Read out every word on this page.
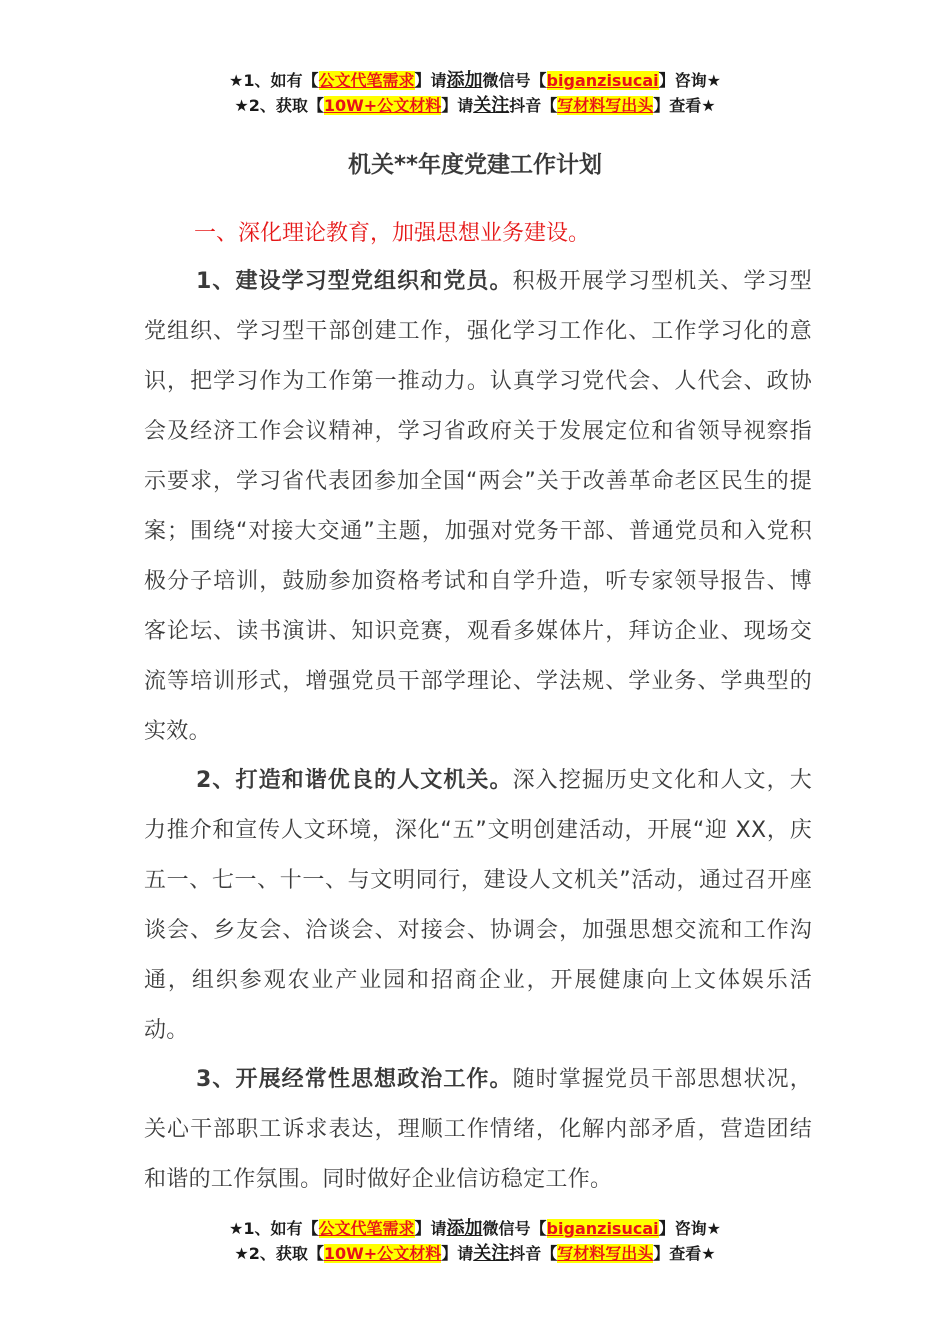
★1、如有【公文代笔需求】请添加微信号【biganzisucai】咨询★
★2、获取【10W+公文材料】请关注抖音【写材料写出头】查看★
机关**年度党建工作计划
一、深化理论教育，加强思想业务建设。
1、建设学习型党组织和党员。积极开展学习型机关、学习型党组织、学习型干部创建工作，强化学习工作化、工作学习化的意识，把学习作为工作第一推动力。认真学习党代会、人代会、政协会及经济工作会议精神，学习省政府关于发展定位和省领导视察指示要求，学习省代表团参加全国“两会”关于改善革命老区民生的提案；围绕“对接大交通”主题，加强对党务干部、普通党员和入党积极分子培训，鼓励参加资格考试和自学升造，听专家领导报告、博客论坛、读书演讲、知识竞赛，观看多媒体片，拜访企业、现场交流等培训形式，增强党员干部学理论、学法规、学业务、学典型的实效。
2、打造和谐优良的人文机关。深入挖掘历史文化和人文，大力推介和宣传人文环境，深化“五”文明创建活动，开展“迎 XX，庆五一、七一、十一、与文明同行，建设人文机关”活动，通过召开座谈会、乡友会、洽谈会、对接会、协调会，加强思想交流和工作沟通，组织参观农业产业园和招商企业，开展健康向上文体娱乐活动。
3、开展经常性思想政治工作。随时掌握党员干部思想状况，关心干部职工诉求表达，理顺工作情绪，化解内部矛盾，营造团结和谐的工作氛围。同时做好企业信访稳定工作。
★1、如有【公文代笔需求】请添加微信号【biganzisucai】咨询★
★2、获取【10W+公文材料】请关注抖音【写材料写出头】查看★
